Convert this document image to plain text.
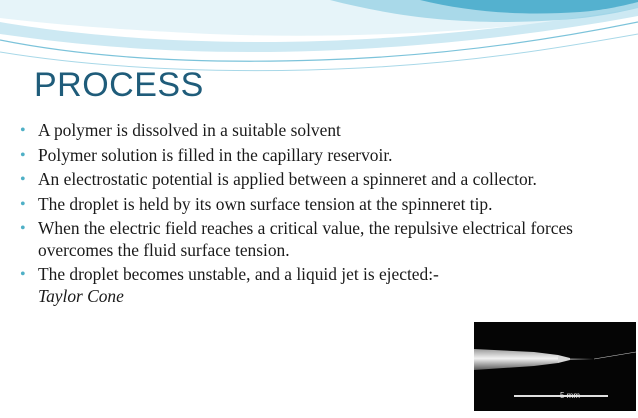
PROCESS
• A polymer is dissolved in a suitable solvent
• Polymer solution is filled in the capillary reservoir.
• An electrostatic potential is applied between a spinneret and a collector.
• The droplet is held by its own surface tension at the spinneret tip.
• When the electric field reaches a critical value, the repulsive electrical forces overcomes the fluid surface tension.
• The droplet becomes unstable, and a liquid jet is ejected:-
Taylor Cone
5 mm
